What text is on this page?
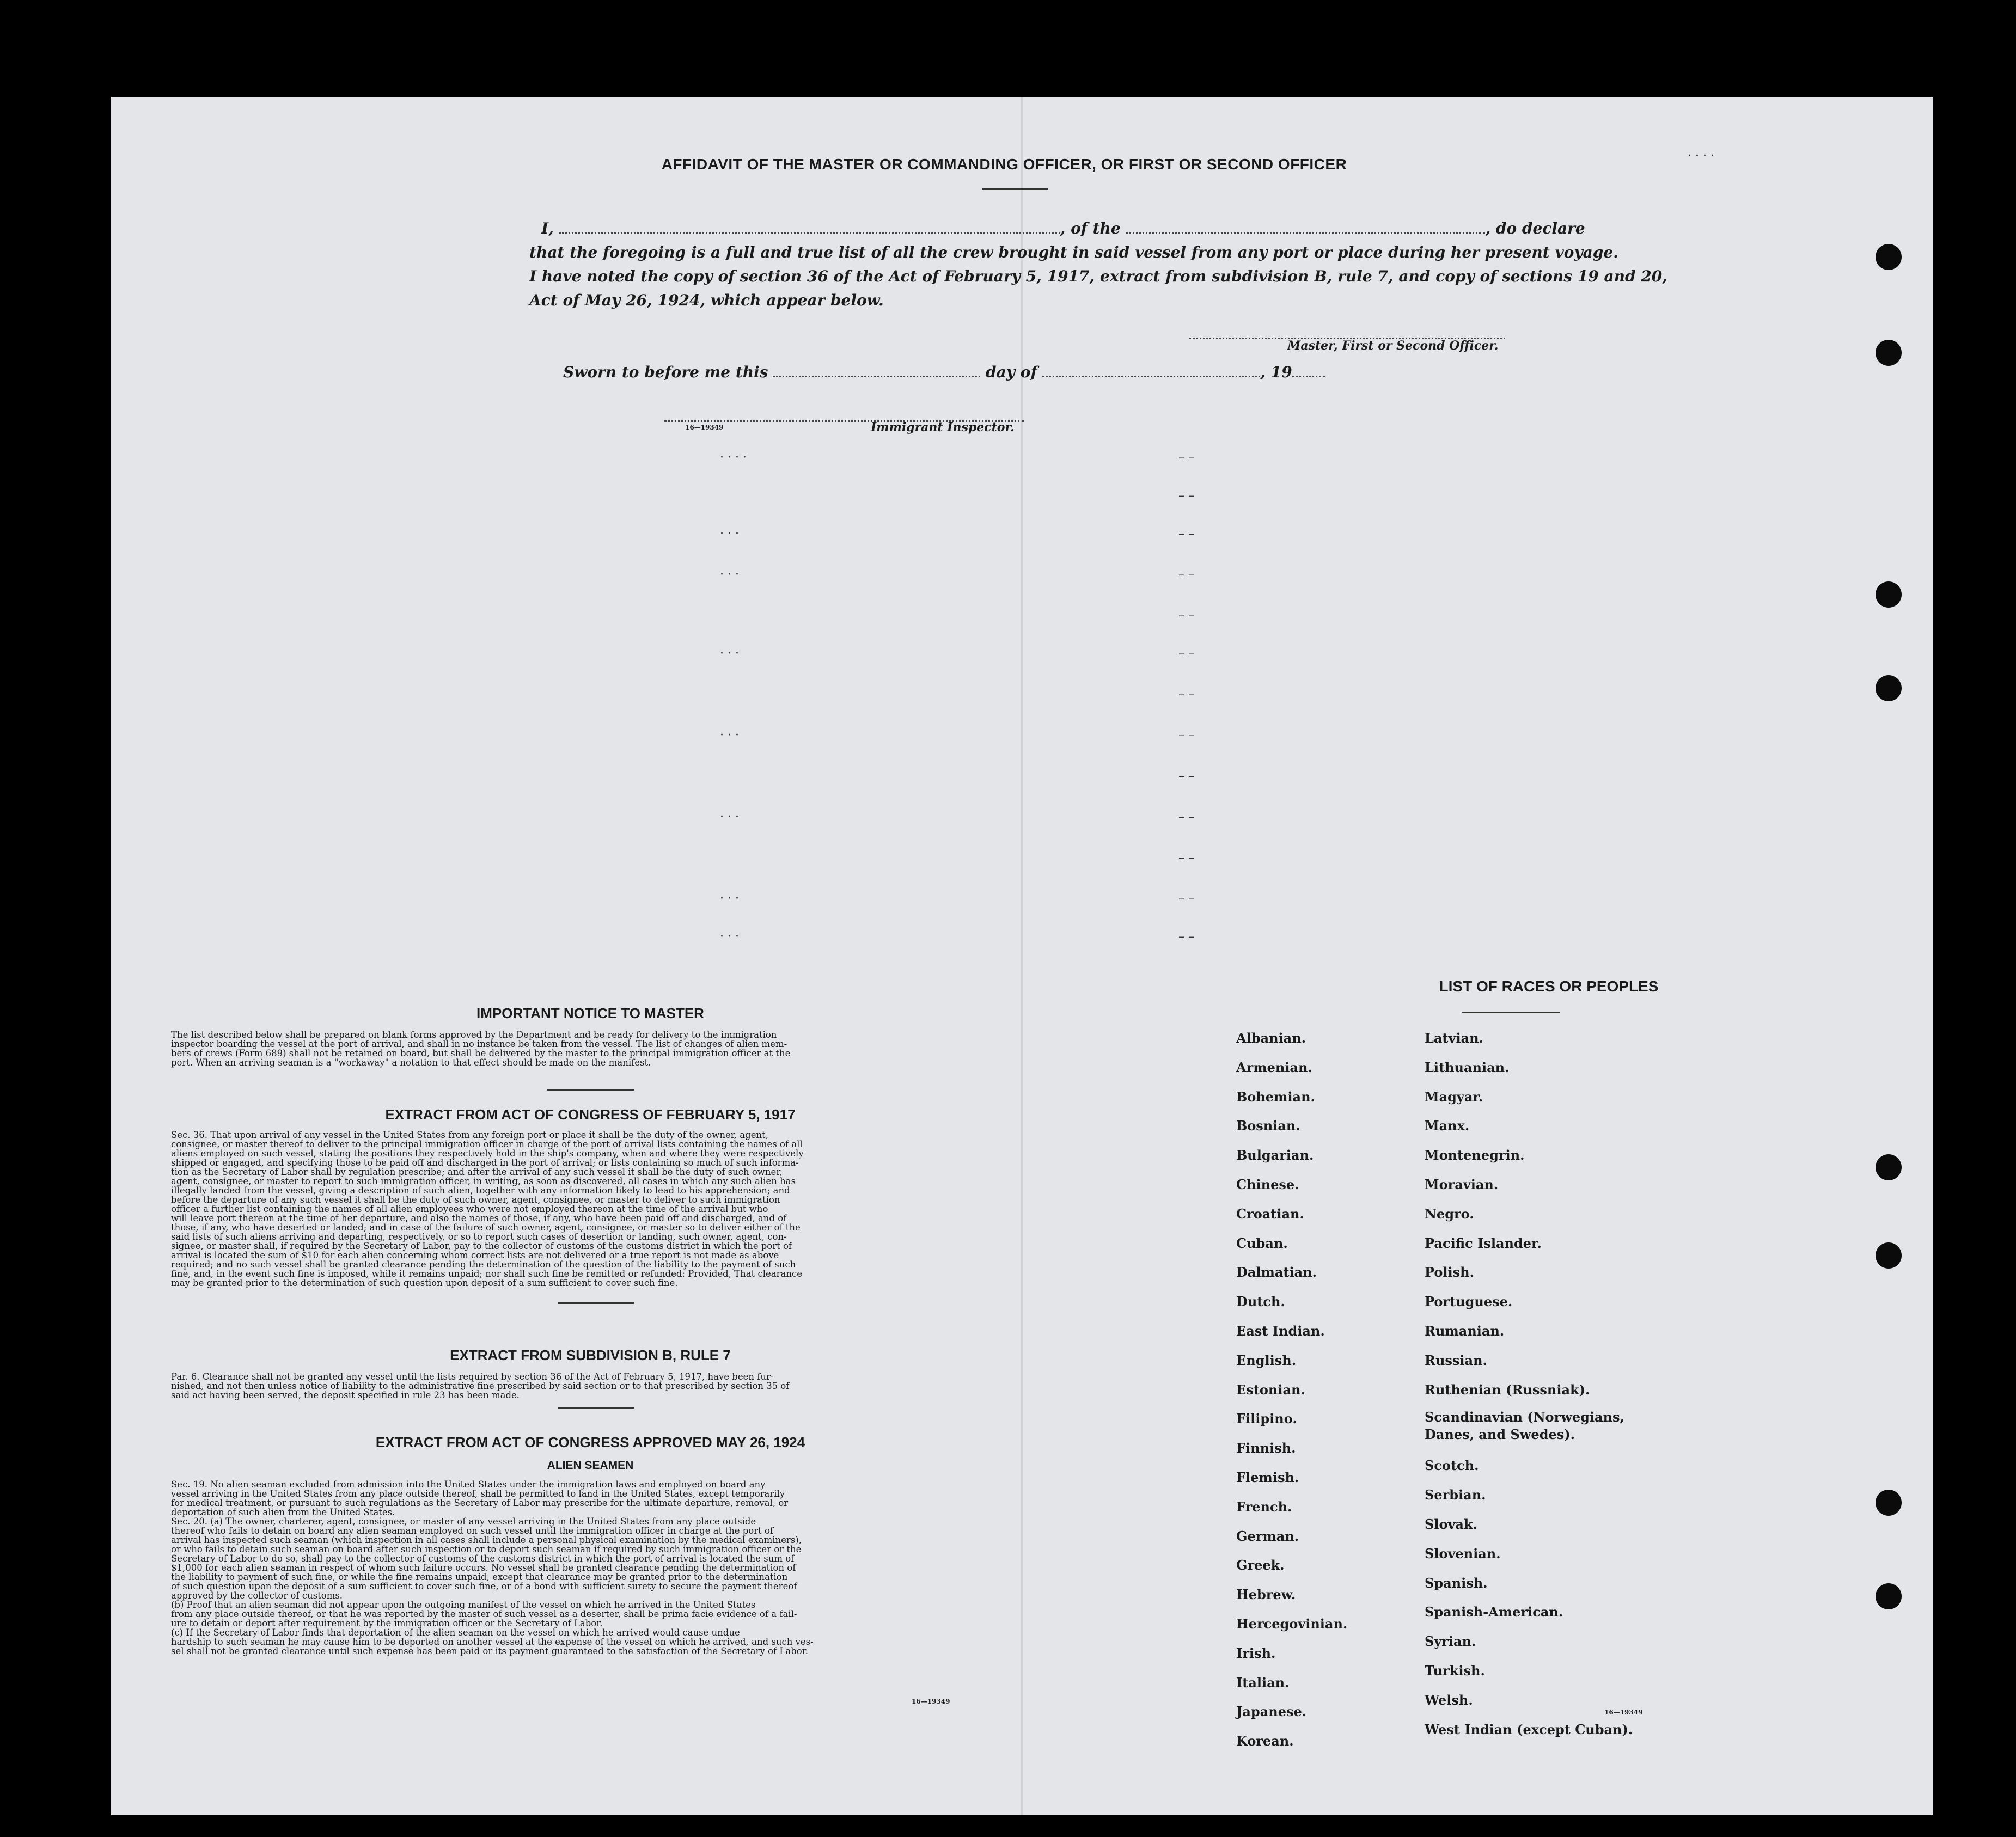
AFFIDAVIT OF THE MASTER OR COMMANDING OFFICER, OR FIRST OR SECOND OFFICER
I,	, of the	, do declare
that the foregoing is a full and true list of all the crew brought in said vessel from any port or place during her present voyage.
I have noted the copy of section 36 of the Act of February 5, 1917, extract from subdivision B, rule 7, and copy of sections 19 and 20,
Act of May 26, 1924, which appear below.
Master, First or Second Officer.
Sworn to before me this	day of	, 19
16—19349	Immigrant Inspector.
· · · ·
· · · ·
· · ·
· · ·
· · ·
· · ·
· · ·
· · ·
· · ·
– –
– –
– –
– –
– –
– –
– –
– –
– –
– –
– –
– –
– –
IMPORTANT NOTICE TO MASTER
The list described below shall be prepared on blank forms approved by the Department and be ready for delivery to the immigration
inspector boarding the vessel at the port of arrival, and shall in no instance be taken from the vessel. The list of changes of alien mem-
bers of crews (Form 689) shall not be retained on board, but shall be delivered by the master to the principal immigration officer at the
port. When an arriving seaman is a "workaway" a notation to that effect should be made on the manifest.
EXTRACT FROM ACT OF CONGRESS OF FEBRUARY 5, 1917
Sec. 36. That upon arrival of any vessel in the United States from any foreign port or place it shall be the duty of the owner, agent,
consignee, or master thereof to deliver to the principal immigration officer in charge of the port of arrival lists containing the names of all
aliens employed on such vessel, stating the positions they respectively hold in the ship's company, when and where they were respectively
shipped or engaged, and specifying those to be paid off and discharged in the port of arrival; or lists containing so much of such informa-
tion as the Secretary of Labor shall by regulation prescribe; and after the arrival of any such vessel it shall be the duty of such owner,
agent, consignee, or master to report to such immigration officer, in writing, as soon as discovered, all cases in which any such alien has
illegally landed from the vessel, giving a description of such alien, together with any information likely to lead to his apprehension; and
before the departure of any such vessel it shall be the duty of such owner, agent, consignee, or master to deliver to such immigration
officer a further list containing the names of all alien employees who were not employed thereon at the time of the arrival but who
will leave port thereon at the time of her departure, and also the names of those, if any, who have been paid off and discharged, and of
those, if any, who have deserted or landed; and in case of the failure of such owner, agent, consignee, or master so to deliver either of the
said lists of such aliens arriving and departing, respectively, or so to report such cases of desertion or landing, such owner, agent, con-
signee, or master shall, if required by the Secretary of Labor, pay to the collector of customs of the customs district in which the port of
arrival is located the sum of $10 for each alien concerning whom correct lists are not delivered or a true report is not made as above
required; and no such vessel shall be granted clearance pending the determination of the question of the liability to the payment of such
fine, and, in the event such fine is imposed, while it remains unpaid; nor shall such fine be remitted or refunded: Provided, That clearance
may be granted prior to the determination of such question upon deposit of a sum sufficient to cover such fine.
EXTRACT FROM SUBDIVISION B, RULE 7
Par. 6. Clearance shall not be granted any vessel until the lists required by section 36 of the Act of February 5, 1917, have been fur-
nished, and not then unless notice of liability to the administrative fine prescribed by said section or to that prescribed by section 35 of
said act having been served, the deposit specified in rule 23 has been made.
EXTRACT FROM ACT OF CONGRESS APPROVED MAY 26, 1924
ALIEN SEAMEN
Sec. 19. No alien seaman excluded from admission into the United States under the immigration laws and employed on board any
vessel arriving in the United States from any place outside thereof, shall be permitted to land in the United States, except temporarily
for medical treatment, or pursuant to such regulations as the Secretary of Labor may prescribe for the ultimate departure, removal, or
deportation of such alien from the United States.
Sec. 20. (a) The owner, charterer, agent, consignee, or master of any vessel arriving in the United States from any place outside
thereof who fails to detain on board any alien seaman employed on such vessel until the immigration officer in charge at the port of
arrival has inspected such seaman (which inspection in all cases shall include a personal physical examination by the medical examiners),
or who fails to detain such seaman on board after such inspection or to deport such seaman if required by such immigration officer or the
Secretary of Labor to do so, shall pay to the collector of customs of the customs district in which the port of arrival is located the sum of
$1,000 for each alien seaman in respect of whom such failure occurs. No vessel shall be granted clearance pending the determination of
the liability to payment of such fine, or while the fine remains unpaid, except that clearance may be granted prior to the determination
of such question upon the deposit of a sum sufficient to cover such fine, or of a bond with sufficient surety to secure the payment thereof
approved by the collector of customs.
(b) Proof that an alien seaman did not appear upon the outgoing manifest of the vessel on which he arrived in the United States
from any place outside thereof, or that he was reported by the master of such vessel as a deserter, shall be prima facie evidence of a fail-
ure to detain or deport after requirement by the immigration officer or the Secretary of Labor.
(c) If the Secretary of Labor finds that deportation of the alien seaman on the vessel on which he arrived would cause undue
hardship to such seaman he may cause him to be deported on another vessel at the expense of the vessel on which he arrived, and such ves-
sel shall not be granted clearance until such expense has been paid or its payment guaranteed to the satisfaction of the Secretary of Labor.
16—19349
LIST OF RACES OR PEOPLES
Albanian.
Armenian.
Bohemian.
Bosnian.
Bulgarian.
Chinese.
Croatian.
Cuban.
Dalmatian.
Dutch.
East Indian.
English.
Estonian.
Filipino.
Finnish.
Flemish.
French.
German.
Greek.
Hebrew.
Hercegovinian.
Irish.
Italian.
Japanese.
Korean.
Latvian.
Lithuanian.
Magyar.
Manx.
Montenegrin.
Moravian.
Negro.
Pacific Islander.
Polish.
Portuguese.
Rumanian.
Russian.
Ruthenian (Russniak).
Scandinavian (Norwegians, Danes, and Swedes).
Scotch.
Serbian.
Slovak.
Slovenian.
Spanish.
Spanish-American.
Syrian.
Turkish.
Welsh.
West Indian (except Cuban).
16—19349
